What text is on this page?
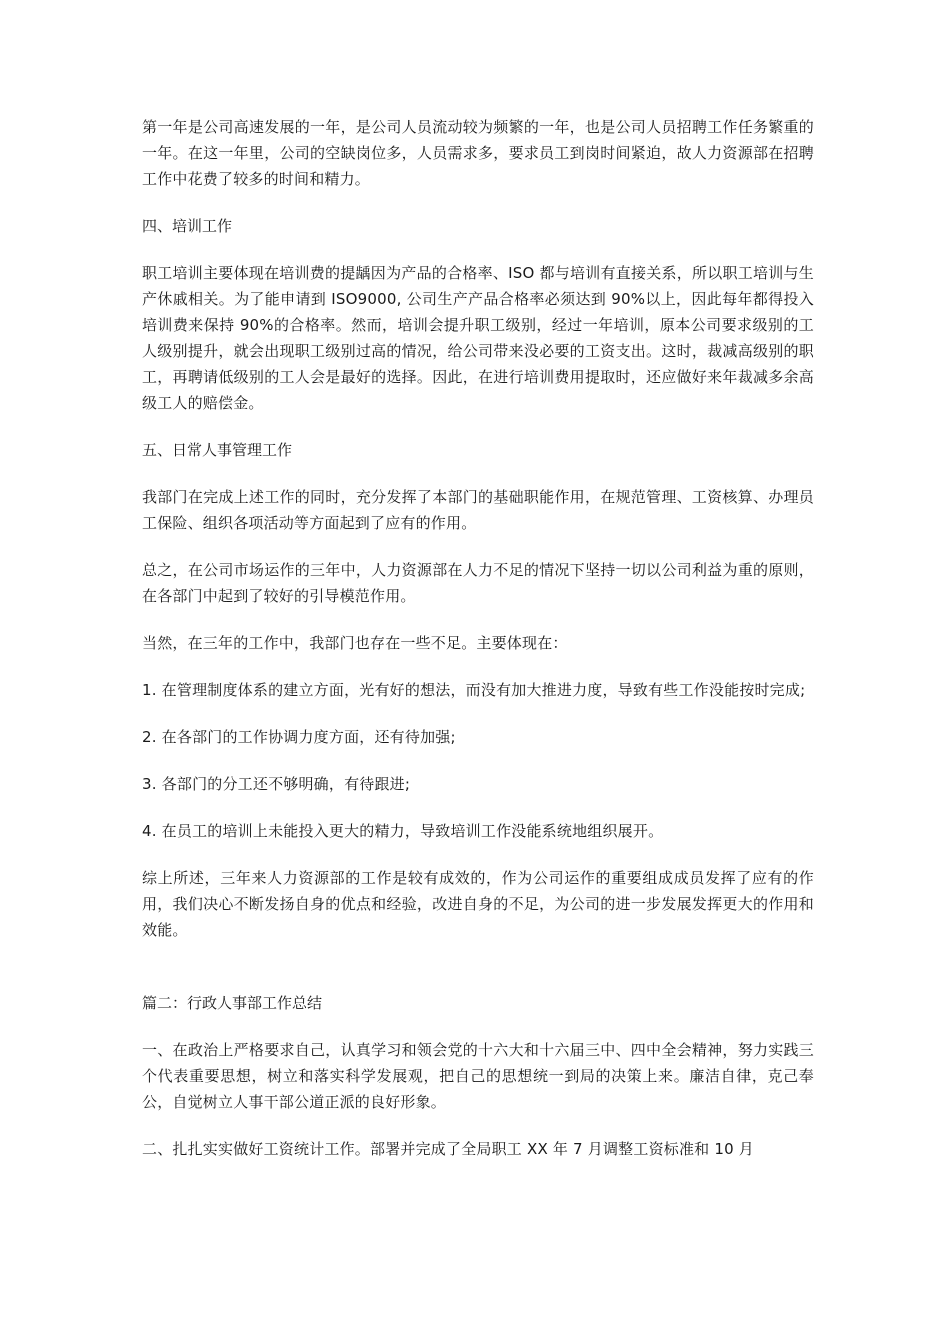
第一年是公司高速发展的一年，是公司人员流动较为频繁的一年，也是公司人员招聘工作任务繁重的一年。在这一年里，公司的空缺岗位多，人员需求多，要求员工到岗时间紧迫，故人力资源部在招聘工作中花费了较多的时间和精力。

四、培训工作

职工培训主要体现在培训费的提龋因为产品的合格率、ISO 都与培训有直接关系，所以职工培训与生产休戚相关。为了能申请到 ISO9000, 公司生产产品合格率必须达到 90%以上，因此每年都得投入培训费来保持 90%的合格率。然而，培训会提升职工级别，经过一年培训，原本公司要求级别的工人级别提升，就会出现职工级别过高的情况，给公司带来没必要的工资支出。这时，裁减高级别的职工，再聘请低级别的工人会是最好的选择。因此，在进行培训费用提取时，还应做好来年裁减多余高级工人的赔偿金。

五、日常人事管理工作

我部门在完成上述工作的同时，充分发挥了本部门的基础职能作用，在规范管理、工资核算、办理员工保险、组织各项活动等方面起到了应有的作用。

总之，在公司市场运作的三年中，人力资源部在人力不足的情况下坚持一切以公司利益为重的原则，在各部门中起到了较好的引导模范作用。

当然，在三年的工作中，我部门也存在一些不足。主要体现在：

1. 在管理制度体系的建立方面，光有好的想法，而没有加大推进力度，导致有些工作没能按时完成;

2. 在各部门的工作协调力度方面，还有待加强;

3. 各部门的分工还不够明确，有待跟进;

4. 在员工的培训上未能投入更大的精力，导致培训工作没能系统地组织展开。

综上所述，三年来人力资源部的工作是较有成效的，作为公司运作的重要组成成员发挥了应有的作用，我们决心不断发扬自身的优点和经验，改进自身的不足，为公司的进一步发展发挥更大的作用和效能。

篇二：行政人事部工作总结

一、在政治上严格要求自己，认真学习和领会党的十六大和十六届三中、四中全会精神，努力实践三个代表重要思想，树立和落实科学发展观，把自己的思想统一到局的决策上来。廉洁自律，克己奉公，自觉树立人事干部公道正派的良好形象。

二、扎扎实实做好工资统计工作。部署并完成了全局职工 XX 年 7 月调整工资标准和 10 月
